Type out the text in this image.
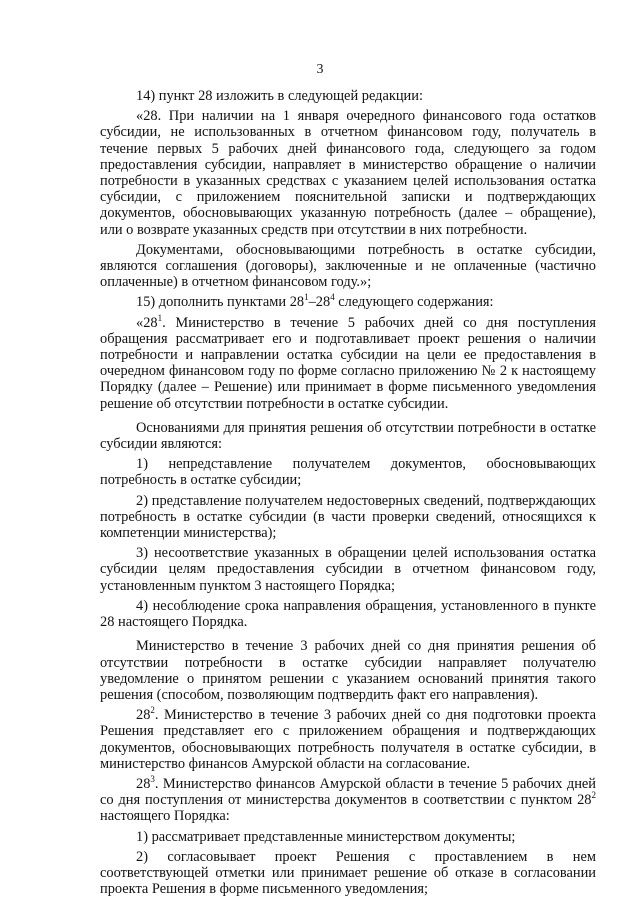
3

14) пункт 28 изложить в следующей редакции:

«28. При наличии на 1 января очередного финансового года остатков субсидии, не использованных в отчетном финансовом году, получатель в течение первых 5 рабочих дней финансового года, следующего за годом предоставления субсидии, направляет в министерство обращение о наличии потребности в указанных средствах с указанием целей использования остатка субсидии, с приложением пояснительной записки и подтверждающих документов, обосновывающих указанную потребность (далее – обращение), или о возврате указанных средств при отсутствии в них потребности.

Документами, обосновывающими потребность в остатке субсидии, являются соглашения (договоры), заключенные и не оплаченные (частично оплаченные) в отчетном финансовом году.»;

15) дополнить пунктами $28^1-28^4$ следующего содержания:

«$28^1$. Министерство в течение 5 рабочих дней со дня поступления обращения рассматривает его и подготавливает проект решения о наличии потребности и направлении остатка субсидии на цели ее предоставления в очередном финансовом году по форме согласно приложению № 2 к настоящему Порядку (далее – Решение) или принимает в форме письменного уведомления решение об отсутствии потребности в остатке субсидии.

Основаниями для принятия решения об отсутствии потребности в остатке субсидии являются:

1) непредставление получателем документов, обосновывающих потребность в остатке субсидии;

2) представление получателем недостоверных сведений, подтверждающих потребность в остатке субсидии (в части проверки сведений, относящихся к компетенции министерства);

3) несоответствие указанных в обращении целей использования остатка субсидии целям предоставления субсидии в отчетном финансовом году, установленным пунктом 3 настоящего Порядка;

4) несоблюдение срока направления обращения, установленного в пункте 28 настоящего Порядка.

Министерство в течение 3 рабочих дней со дня принятия решения об отсутствии потребности в остатке субсидии направляет получателю уведомление о принятом решении с указанием оснований принятия такого решения (способом, позволяющим подтвердить факт его направления).

$28^2$. Министерство в течение 3 рабочих дней со дня подготовки проекта Решения представляет его с приложением обращения и подтверждающих документов, обосновывающих потребность получателя в остатке субсидии, в министерство финансов Амурской области на согласование.

$28^3$. Министерство финансов Амурской области в течение 5 рабочих дней со дня поступления от министерства документов в соответствии с пунктом $28^2$ настоящего Порядка:

1) рассматривает представленные министерством документы;

2) согласовывает проект Решения с проставлением в нем соответствующей отметки или принимает решение об отказе в согласовании проекта Решения в форме письменного уведомления;
